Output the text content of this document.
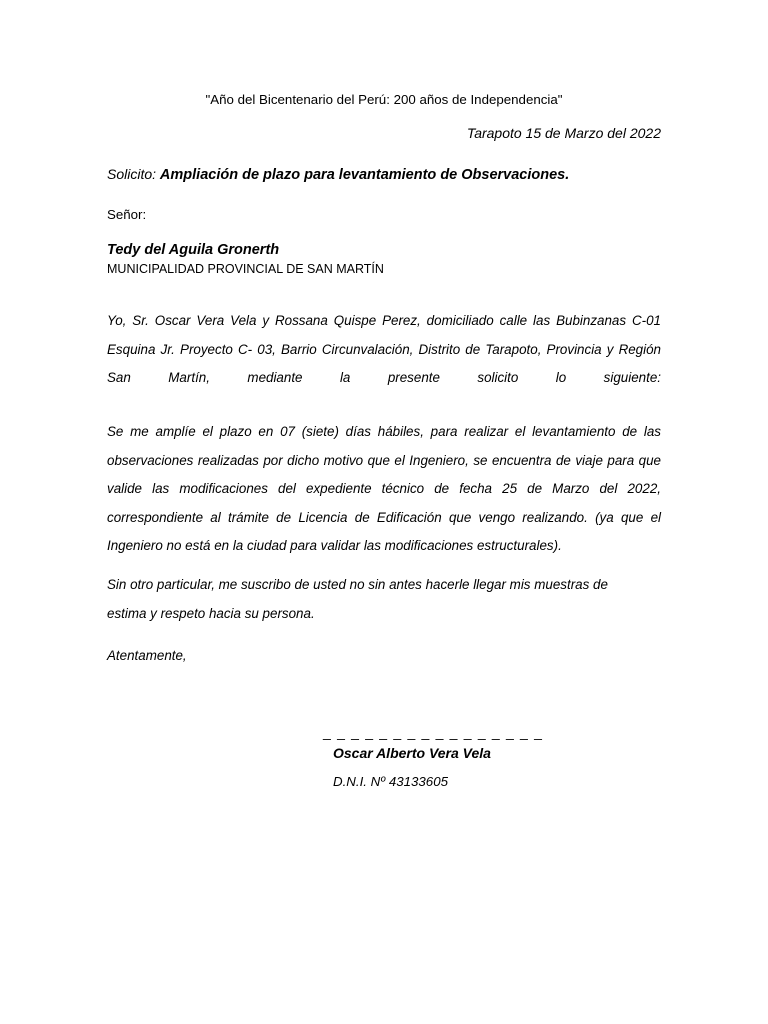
"Año del Bicentenario del Perú: 200 años de Independencia"
Tarapoto 15 de Marzo del 2022
Solicito: Ampliación de plazo para levantamiento de Observaciones.
Señor:
Tedy del Aguila Gronerth
MUNICIPALIDAD PROVINCIAL DE SAN MARTÍN
Yo, Sr. Oscar Vera Vela y Rossana Quispe Perez, domiciliado calle las Bubinzanas C-01
Esquina Jr. Proyecto C- 03, Barrio Circunvalación, Distrito de Tarapoto, Provincia y Región
San Martín, mediante la presente solicito lo siguiente:
Se me amplíe el plazo en 07 (siete) días hábiles, para realizar el levantamiento de las
observaciones realizadas por dicho motivo que el Ingeniero, se encuentra de viaje para que
valide las modificaciones del expediente técnico de fecha 25 de Marzo del 2022,
correspondiente al trámite de Licencia de Edificación que vengo realizando. (ya que el
Ingeniero no está en la ciudad para validar las modificaciones estructurales).
Sin otro particular, me suscribo de usted no sin antes hacerle llegar mis muestras de
estima y respeto hacia su persona.
Atentamente,
_ _ _ _ _ _ _ _ _ _ _ _ _ _ _ _
Oscar Alberto Vera Vela
D.N.I. Nº 43133605
